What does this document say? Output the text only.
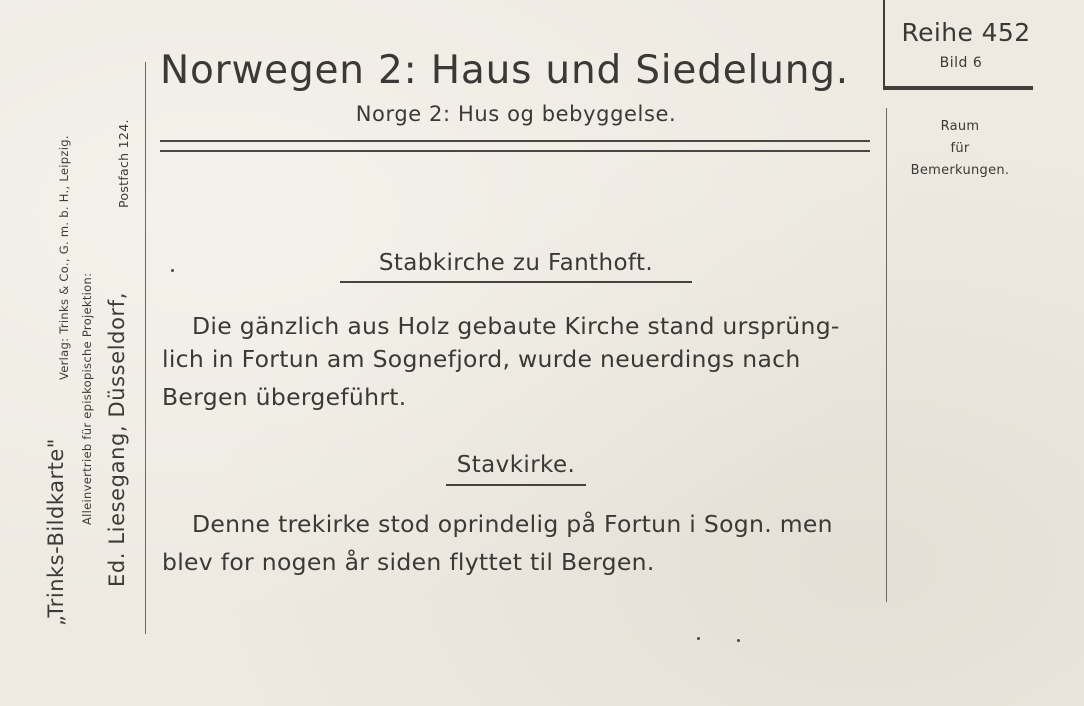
„Trinks-Bildkarte"
Verlag: Trinks & Co., G. m. b. H., Leipzig.
Alleinvertrieb für episkopische Projektion: Ed. Liesegang, Düsseldorf,
Postfach 124.
Norwegen 2: Haus und Siedelung.
Norge 2: Hus og bebyggelse.
Reihe 452
Bild 6
Raum
für
Bemerkungen.
Stabkirche zu Fanthoft.
Die gänzlich aus Holz gebaute Kirche stand ursprüng-
lich in Fortun am Sognefjord, wurde neuerdings nach
Bergen übergeführt.
Stavkirke.
Denne trekirke stod oprindelig på Fortun i Sogn. men
blev for nogen år siden flyttet til Bergen.
